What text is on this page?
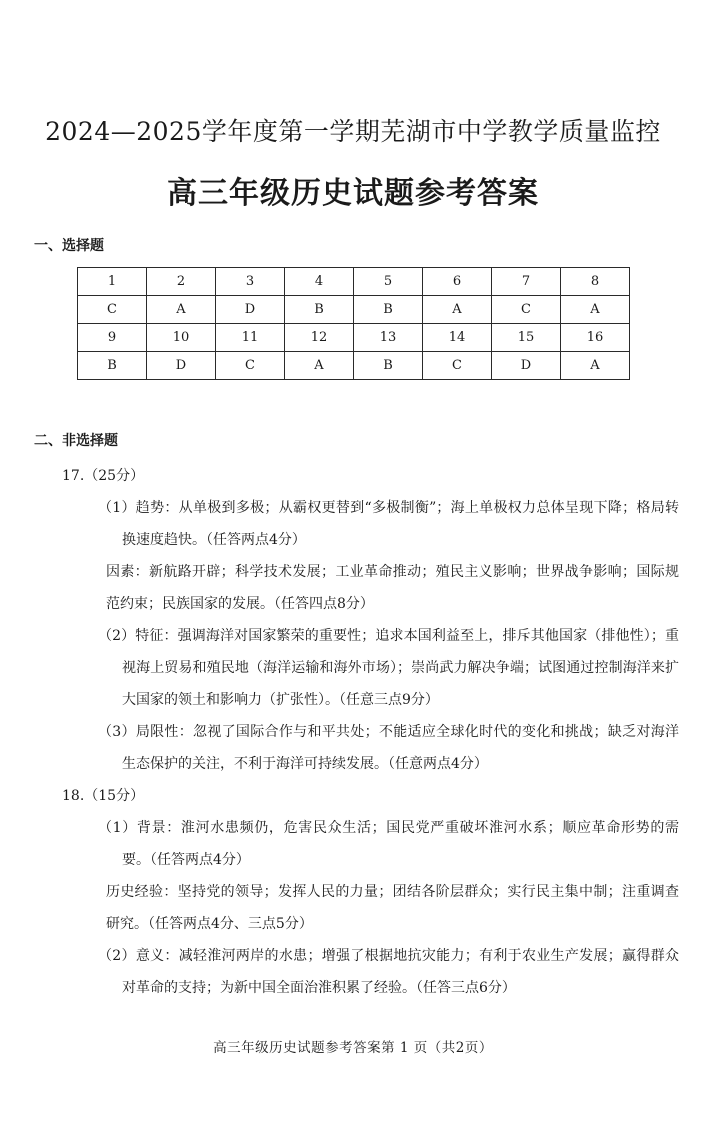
2024—2025学年度第一学期芜湖市中学教学质量监控
高三年级历史试题参考答案
一、选择题
1	2	3	4	5	6	7	8
C	A	D	B	B	A	C	A
9	10	11	12	13	14	15	16
B	D	C	A	B	C	D	A
二、非选择题
17.（25分）
（1）趋势：从单极到多极；从霸权更替到“多极制衡”；海上单极权力总体呈现下降；格局转换速度趋快。（任答两点4分）
因素：新航路开辟；科学技术发展；工业革命推动；殖民主义影响；世界战争影响；国际规范约束；民族国家的发展。（任答四点8分）
（2）特征：强调海洋对国家繁荣的重要性；追求本国利益至上，排斥其他国家（排他性）；重视海上贸易和殖民地（海洋运输和海外市场）；崇尚武力解决争端；试图通过控制海洋来扩大国家的领土和影响力（扩张性）。（任意三点9分）
（3）局限性：忽视了国际合作与和平共处；不能适应全球化时代的变化和挑战；缺乏对海洋生态保护的关注，不利于海洋可持续发展。（任意两点4分）
18.（15分）
（1）背景：淮河水患频仍，危害民众生活；国民党严重破坏淮河水系；顺应革命形势的需要。（任答两点4分）
历史经验：坚持党的领导；发挥人民的力量；团结各阶层群众；实行民主集中制；注重调查研究。（任答两点4分、三点5分）
（2）意义：减轻淮河两岸的水患；增强了根据地抗灾能力；有利于农业生产发展；赢得群众对革命的支持；为新中国全面治淮积累了经验。（任答三点6分）
高三年级历史试题参考答案第 1 页（共2页）
